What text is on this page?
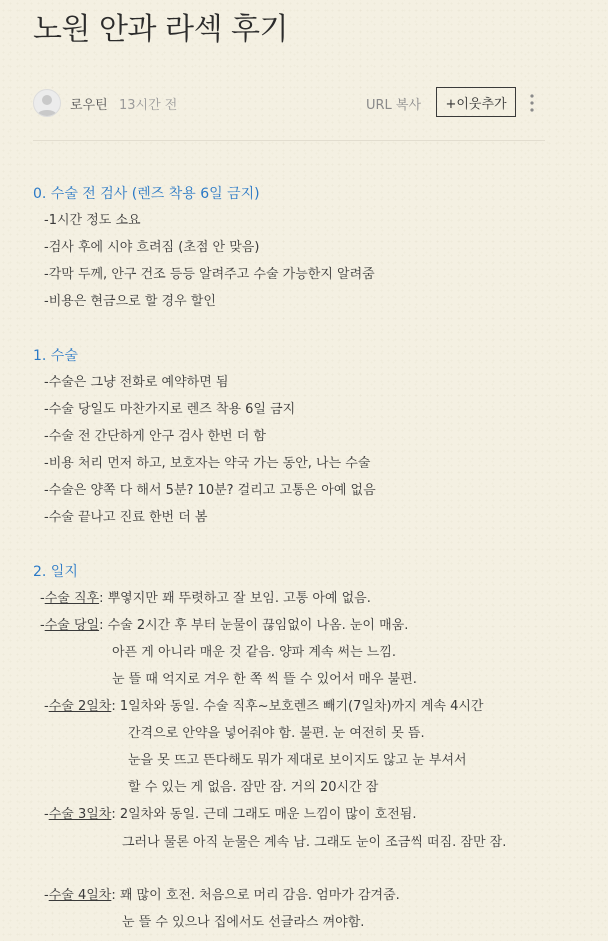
노원 안과 라섹 후기
로우틴 13시간 전	URL 복사	+이웃추가
0. 수술 전 검사 (렌즈 착용 6일 금지)
-1시간 정도 소요
-검사 후에 시야 흐려짐 (초점 안 맞음)
-각막 두께, 안구 건조 등등 알려주고 수술 가능한지 알려줌
-비용은 현금으로 할 경우 할인
1. 수술
-수술은 그냥 전화로 예약하면 됨
-수술 당일도 마찬가지로 렌즈 착용 6일 금지
-수술 전 간단하게 안구 검사 한번 더 함
-비용 처리 먼저 하고, 보호자는 약국 가는 동안, 나는 수술
-수술은 양쪽 다 해서 5분? 10분? 걸리고 고통은 아예 없음
-수술 끝나고 진료 한번 더 봄
2. 일지
-수술 직후: 뿌옇지만 꽤 뚜렷하고 잘 보임. 고통 아예 없음.
-수술 당일: 수술 2시간 후 부터 눈물이 끊임없이 나옴. 눈이 매움.
아픈 게 아니라 매운 것 같음. 양파 계속 써는 느낌.
눈 뜰 때 억지로 겨우 한 쪽 씩 뜰 수 있어서 매우 불편.
-수술 2일차: 1일차와 동일. 수술 직후~보호렌즈 빼기(7일차)까지 계속 4시간
간격으로 안약을 넣어줘야 함. 불편. 눈 여전히 못 뜸.
눈을 못 뜨고 뜬다해도 뭐가 제대로 보이지도 않고 눈 부셔서
할 수 있는 게 없음. 잠만 잠. 거의 20시간 잠
-수술 3일차: 2일차와 동일. 근데 그래도 매운 느낌이 많이 호전됨.
그러나 물론 아직 눈물은 계속 남. 그래도 눈이 조금씩 떠짐. 잠만 잠.
-수술 4일차: 꽤 많이 호전. 처음으로 머리 감음. 엄마가 감겨줌.
눈 뜰 수 있으나 집에서도 선글라스 껴야함.
